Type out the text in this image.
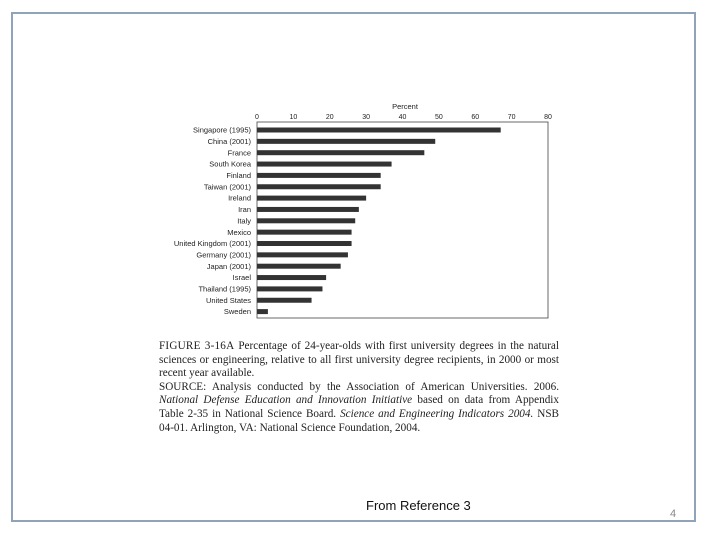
Percent
0	10	20	30	40	50	60	70	80
Singapore (1995)
China (2001)
France
South Korea
Finland
Taiwan (2001)
Ireland
Iran
Italy
Mexico
United Kingdom (2001)
Germany (2001)
Japan (2001)
Israel
Thailand (1995)
United States
Sweden

FIGURE 3-16A Percentage of 24-year-olds with first university degrees in the natural sciences or engineering, relative to all first university degree recipients, in 2000 or most recent year available.

SOURCE: Analysis conducted by the Association of American Universities. 2006. National Defense Education and Innovation Initiative based on data from Appendix Table 2-35 in National Science Board. Science and Engineering Indicators 2004. NSB 04-01. Arlington, VA: National Science Foundation, 2004.

From Reference 3
4
